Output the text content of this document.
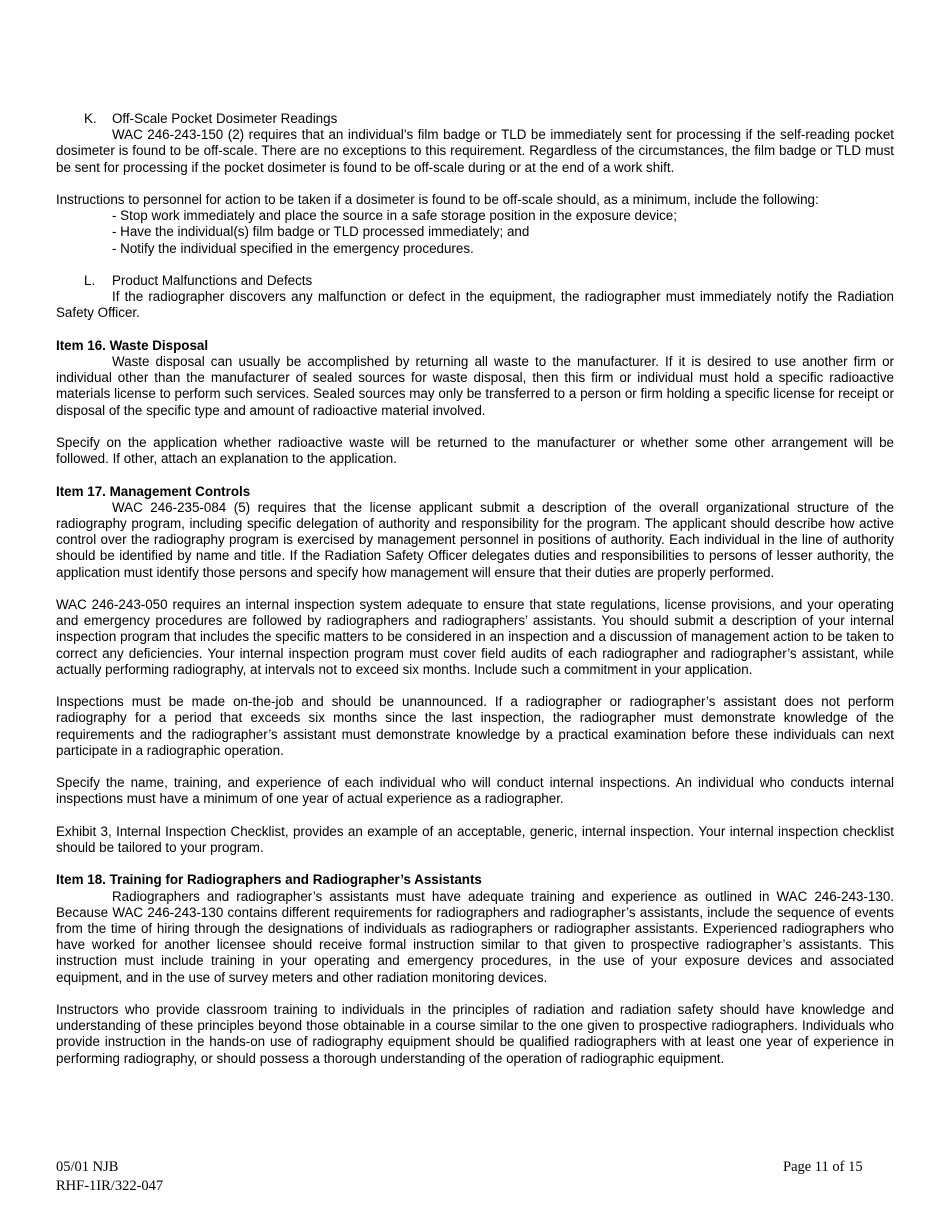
K. Off-Scale Pocket Dosimeter Readings

WAC 246-243-150 (2) requires that an individual’s film badge or TLD be immediately sent for processing if the self-reading pocket dosimeter is found to be off-scale. There are no exceptions to this requirement. Regardless of the circumstances, the film badge or TLD must be sent for processing if the pocket dosimeter is found to be off-scale during or at the end of a work shift.

Instructions to personnel for action to be taken if a dosimeter is found to be off-scale should, as a minimum, include the following:

- Stop work immediately and place the source in a safe storage position in the exposure device;

- Have the individual(s) film badge or TLD processed immediately; and

- Notify the individual specified in the emergency procedures.

L. Product Malfunctions and Defects

If the radiographer discovers any malfunction or defect in the equipment, the radiographer must immediately notify the Radiation Safety Officer.

Item 16. Waste Disposal

Waste disposal can usually be accomplished by returning all waste to the manufacturer. If it is desired to use another firm or individual other than the manufacturer of sealed sources for waste disposal, then this firm or individual must hold a specific radioactive materials license to perform such services. Sealed sources may only be transferred to a person or firm holding a specific license for receipt or disposal of the specific type and amount of radioactive material involved.

Specify on the application whether radioactive waste will be returned to the manufacturer or whether some other arrangement will be followed. If other, attach an explanation to the application.

Item 17. Management Controls

WAC 246-235-084 (5) requires that the license applicant submit a description of the overall organizational structure of the radiography program, including specific delegation of authority and responsibility for the program. The applicant should describe how active control over the radiography program is exercised by management personnel in positions of authority. Each individual in the line of authority should be identified by name and title. If the Radiation Safety Officer delegates duties and responsibilities to persons of lesser authority, the application must identify those persons and specify how management will ensure that their duties are properly performed.

WAC 246-243-050 requires an internal inspection system adequate to ensure that state regulations, license provisions, and your operating and emergency procedures are followed by radiographers and radiographers’ assistants. You should submit a description of your internal inspection program that includes the specific matters to be considered in an inspection and a discussion of management action to be taken to correct any deficiencies. Your internal inspection program must cover field audits of each radiographer and radiographer’s assistant, while actually performing radiography, at intervals not to exceed six months. Include such a commitment in your application.

Inspections must be made on-the-job and should be unannounced. If a radiographer or radiographer’s assistant does not perform radiography for a period that exceeds six months since the last inspection, the radiographer must demonstrate knowledge of the requirements and the radiographer’s assistant must demonstrate knowledge by a practical examination before these individuals can next participate in a radiographic operation.

Specify the name, training, and experience of each individual who will conduct internal inspections. An individual who conducts internal inspections must have a minimum of one year of actual experience as a radiographer.

Exhibit 3, Internal Inspection Checklist, provides an example of an acceptable, generic, internal inspection. Your internal inspection checklist should be tailored to your program.

Item 18. Training for Radiographers and Radiographer’s Assistants

Radiographers and radiographer’s assistants must have adequate training and experience as outlined in WAC 246-243-130. Because WAC 246-243-130 contains different requirements for radiographers and radiographer’s assistants, include the sequence of events from the time of hiring through the designations of individuals as radiographers or radiographer assistants. Experienced radiographers who have worked for another licensee should receive formal instruction similar to that given to prospective radiographer’s assistants. This instruction must include training in your operating and emergency procedures, in the use of your exposure devices and associated equipment, and in the use of survey meters and other radiation monitoring devices.

Instructors who provide classroom training to individuals in the principles of radiation and radiation safety should have knowledge and understanding of these principles beyond those obtainable in a course similar to the one given to prospective radiographers. Individuals who provide instruction in the hands-on use of radiography equipment should be qualified radiographers with at least one year of experience in performing radiography, or should possess a thorough understanding of the operation of radiographic equipment.

05/01 NJB
RHF-1IR/322-047
Page 11 of 15
